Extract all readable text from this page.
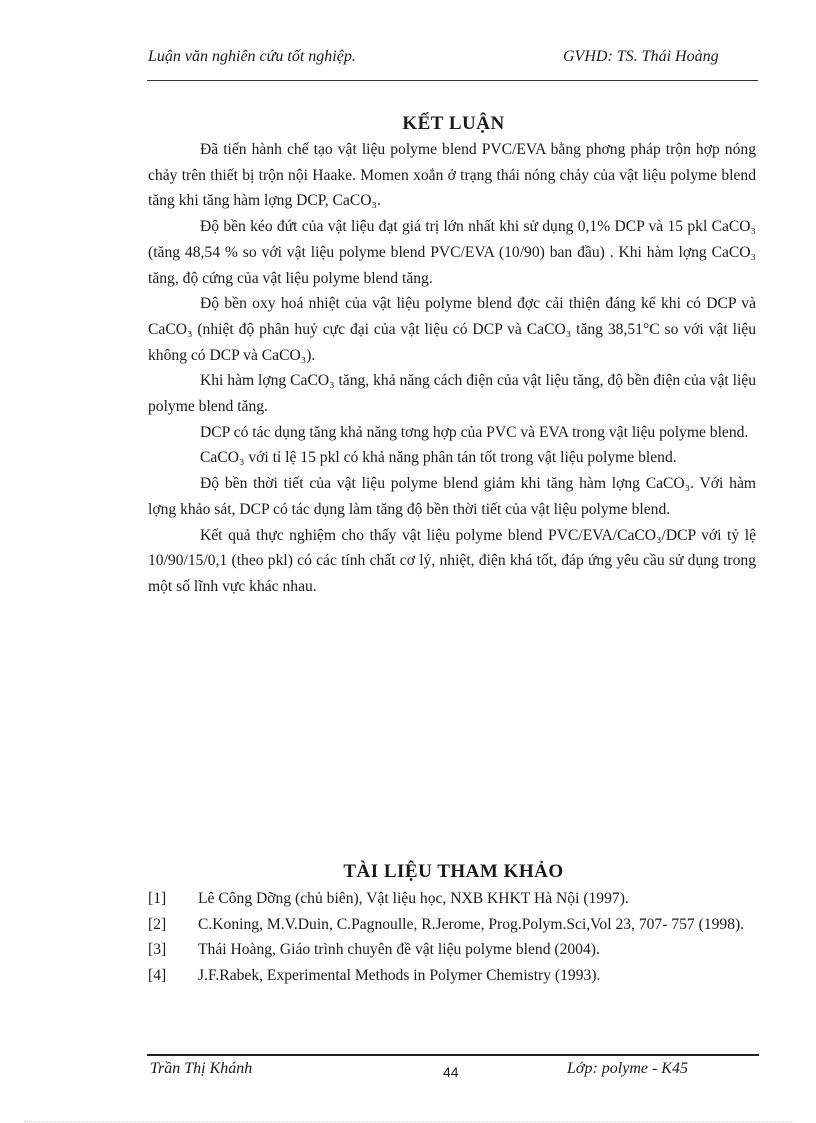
Luận văn nghiên cứu tốt nghiệp.	GVHD: TS. Thái Hoàng
KẾT LUẬN

Đã tiến hành chế tạo vật liệu polyme blend PVC/EVA bằng phơng pháp trộn hợp nóng chảy trên thiết bị trộn nội Haake. Momen xoắn ở trạng thái nóng chảy của vật liệu polyme blend tăng khi tăng hàm lợng DCP, CaCO₃.

Độ bền kéo đứt của vật liệu đạt giá trị lớn nhất khi sử dụng 0,1% DCP và 15 pkl CaCO₃ (tăng 48,54 % so với vật liệu polyme blend PVC/EVA (10/90) ban đầu) . Khi hàm lợng CaCO₃ tăng, độ cứng của vật liệu polyme blend tăng.

Độ bền oxy hoá nhiệt của vật liệu polyme blend đợc cải thiện đáng kể khi có DCP và CaCO₃ (nhiệt độ phân huỷ cực đại của vật liệu có DCP và CaCO₃ tăng 38,51°C so với vật liệu không có DCP và CaCO₃).

Khi hàm lợng CaCO₃ tăng, khả năng cách điện của vật liệu tăng, độ bền điện của vật liệu polyme blend tăng.

DCP có tác dụng tăng khả năng tơng hợp của PVC và EVA trong vật liệu polyme blend.

CaCO₃ với tỉ lệ 15 pkl có khả năng phân tán tốt trong vật liệu polyme blend.

Độ bền thời tiết của vật liệu polyme blend giảm khi tăng hàm lợng CaCO₃. Với hàm lợng khảo sát, DCP có tác dụng làm tăng độ bền thời tiết của vật liệu polyme blend.

Kết quả thực nghiệm cho thấy vật liệu polyme blend PVC/EVA/CaCO₃/DCP với tỷ lệ 10/90/15/0,1 (theo pkl) có các tính chất cơ lý, nhiệt, điện khá tốt, đáp ứng yêu cầu sử dụng trong một số lĩnh vực khác nhau.

TÀI LIỆU THAM KHẢO
[1]	Lê Công Dỡng (chủ biên), Vật liệu học, NXB KHKT Hà Nội (1997).
[2]	C.Koning, M.V.Duin, C.Pagnoulle, R.Jerome, Prog.Polym.Sci,Vol 23, 707- 757 (1998).
[3]	Thái Hoàng, Giáo trình chuyên đề vật liệu polyme blend (2004).
[4]	J.F.Rabek, Experimental Methods in Polymer Chemistry (1993).
Trần Thị Khánh	44	Lớp: polyme - K45
